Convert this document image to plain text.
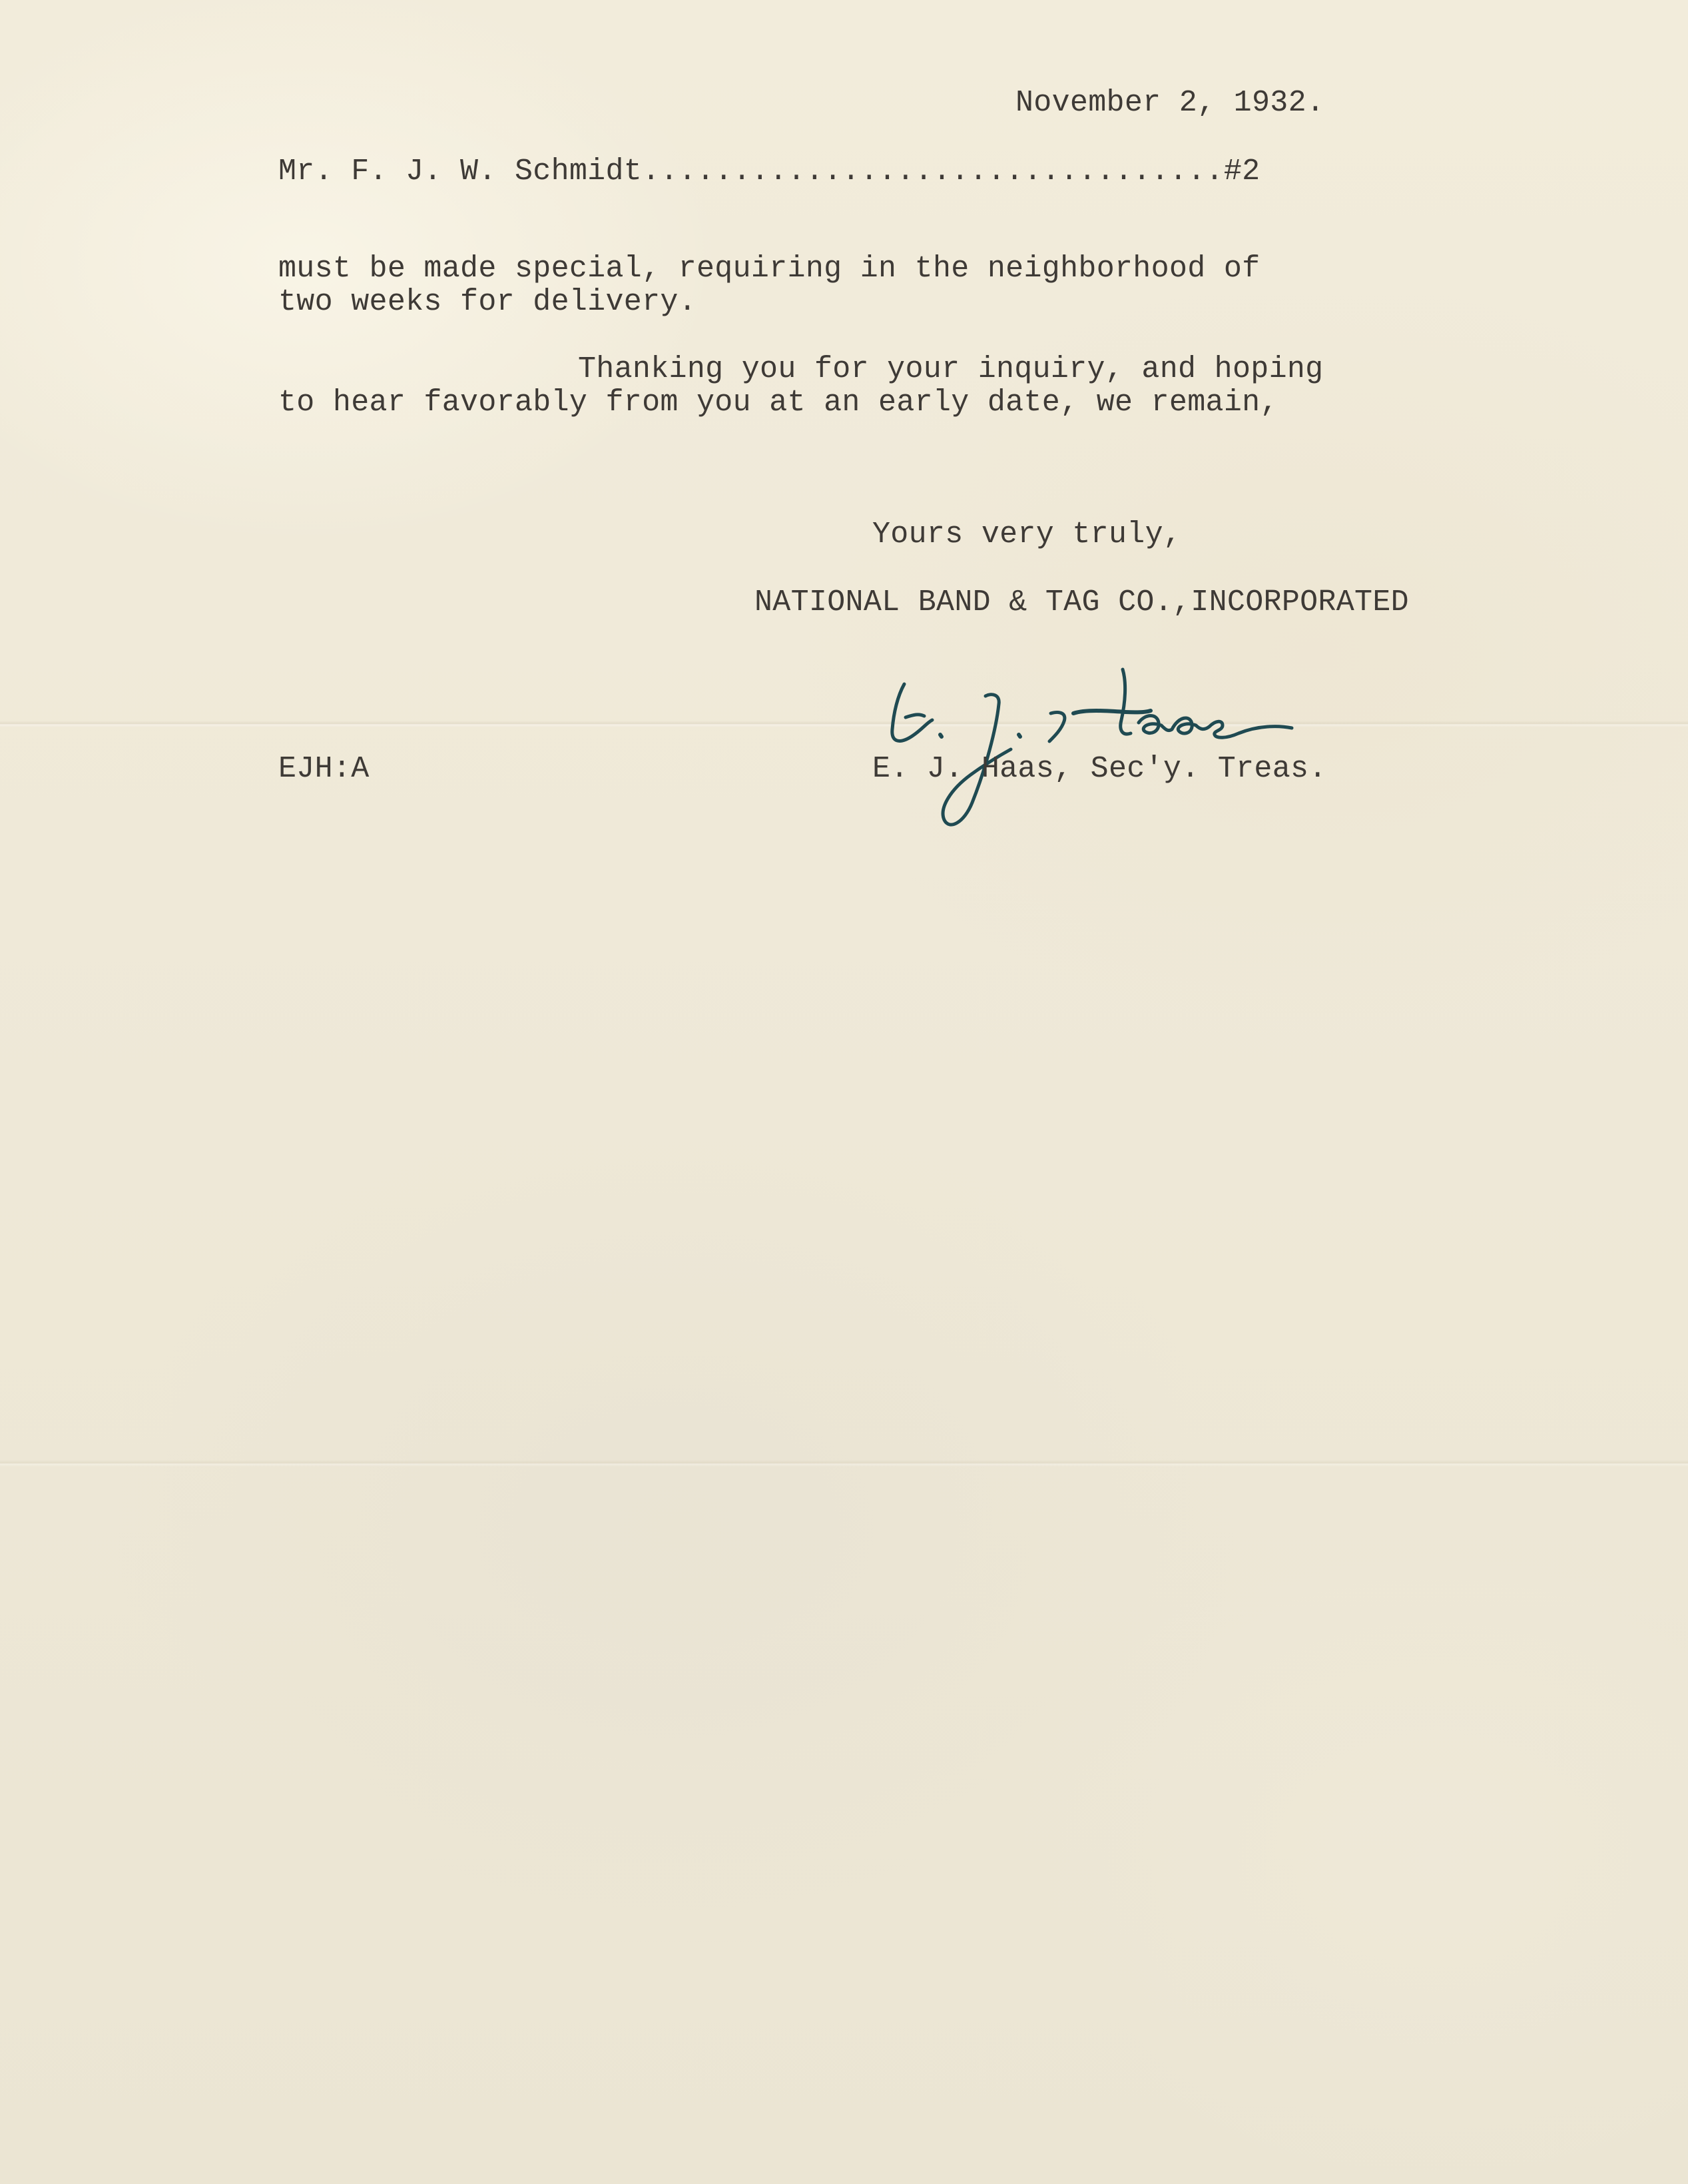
November 2, 1932.
Mr. F. J. W. Schmidt................................#2
must be made special, requiring in the neighborhood of
two weeks for delivery.
Thanking you for your inquiry, and hoping
to hear favorably from you at an early date, we remain,
Yours very truly,
NATIONAL BAND & TAG CO.,INCORPORATED
EJH:A	E. J. Haas, Sec'y. Treas.
